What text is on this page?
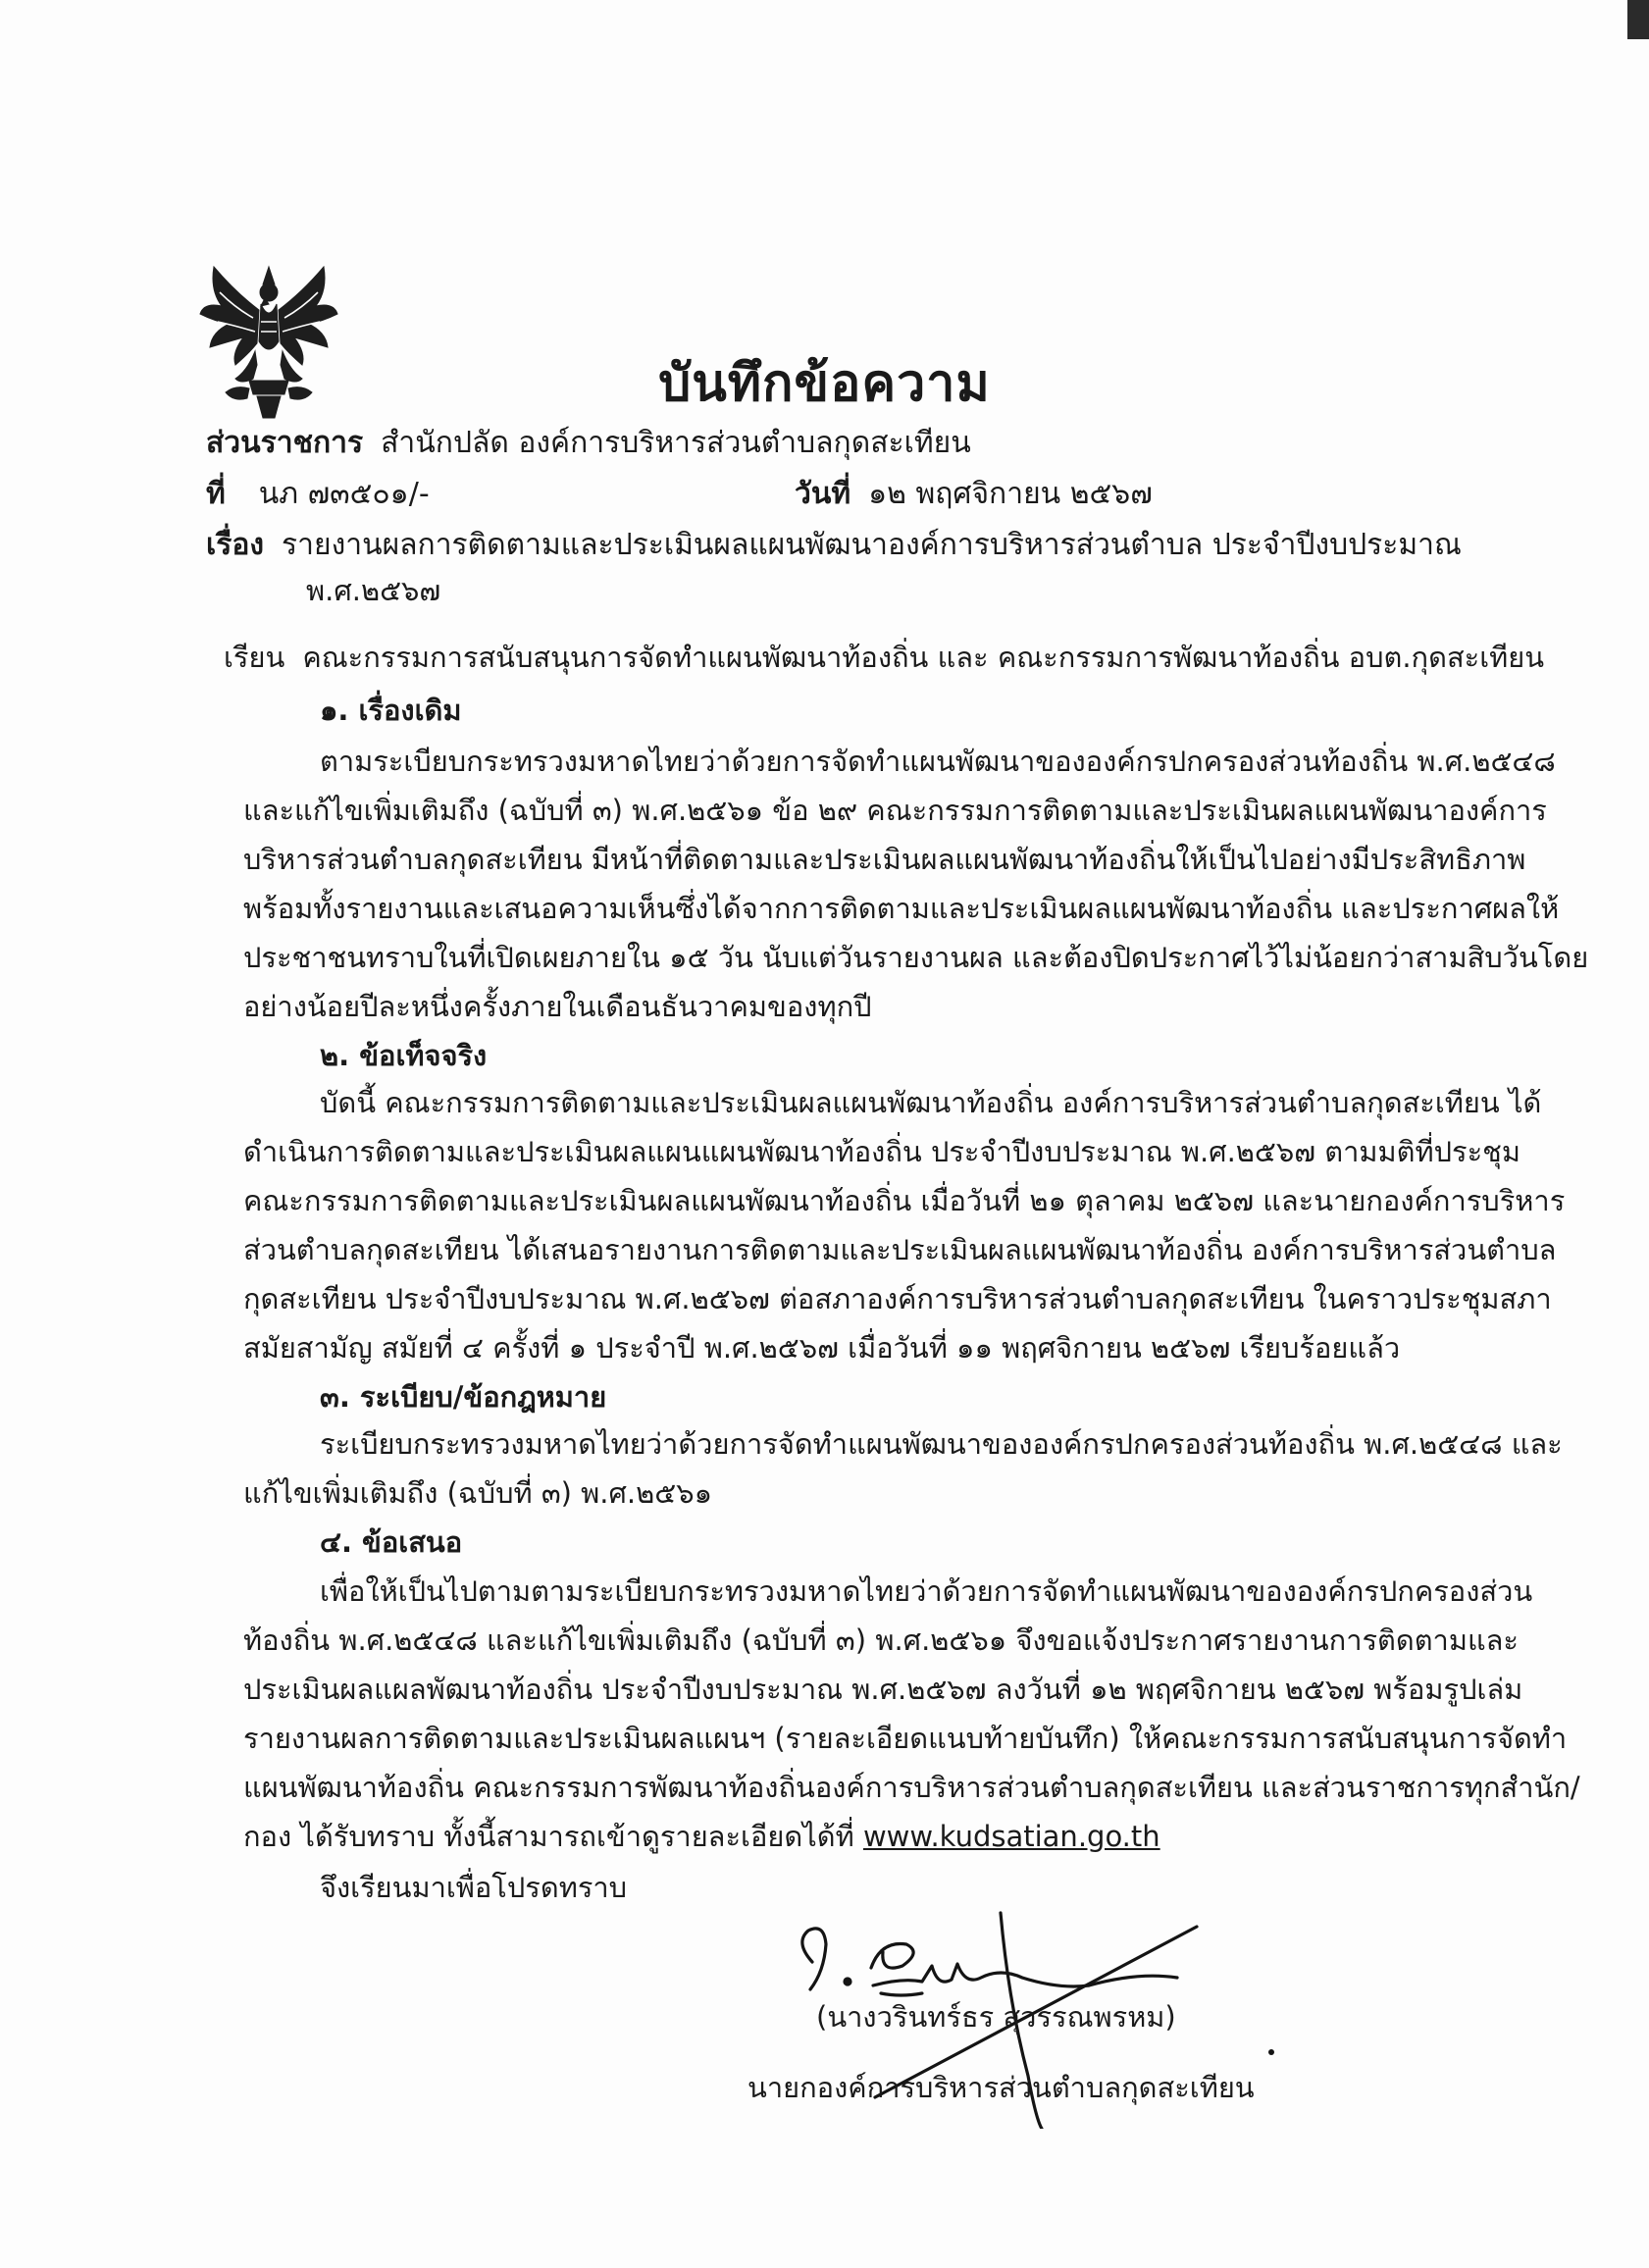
บันทึกข้อความ
ส่วนราชการ สำนักปลัด องค์การบริหารส่วนตำบลกุดสะเทียน
ที่ นภ ๗๓๕๐๑/-	วันที่ ๑๒ พฤศจิกายน ๒๕๖๗
เรื่อง รายงานผลการติดตามและประเมินผลแผนพัฒนาองค์การบริหารส่วนตำบล ประจำปีงบประมาณ
พ.ศ.๒๕๖๗
เรียน คณะกรรมการสนับสนุนการจัดทำแผนพัฒนาท้องถิ่น และ คณะกรรมการพัฒนาท้องถิ่น อบต.กุดสะเทียน
๑. เรื่องเดิม
ตามระเบียบกระทรวงมหาดไทยว่าด้วยการจัดทำแผนพัฒนาขององค์กรปกครองส่วนท้องถิ่น พ.ศ.๒๕๔๘
และแก้ไขเพิ่มเติมถึง (ฉบับที่ ๓) พ.ศ.๒๕๖๑ ข้อ ๒๙ คณะกรรมการติดตามและประเมินผลแผนพัฒนาองค์การ
บริหารส่วนตำบลกุดสะเทียน มีหน้าที่ติดตามและประเมินผลแผนพัฒนาท้องถิ่นให้เป็นไปอย่างมีประสิทธิภาพ
พร้อมทั้งรายงานและเสนอความเห็นซึ่งได้จากการติดตามและประเมินผลแผนพัฒนาท้องถิ่น และประกาศผลให้
ประชาชนทราบในที่เปิดเผยภายใน ๑๕ วัน นับแต่วันรายงานผล และต้องปิดประกาศไว้ไม่น้อยกว่าสามสิบวันโดย
อย่างน้อยปีละหนึ่งครั้งภายในเดือนธันวาคมของทุกปี
๒. ข้อเท็จจริง
บัดนี้ คณะกรรมการติดตามและประเมินผลแผนพัฒนาท้องถิ่น องค์การบริหารส่วนตำบลกุดสะเทียน ได้
ดำเนินการติดตามและประเมินผลแผนแผนพัฒนาท้องถิ่น ประจำปีงบประมาณ พ.ศ.๒๕๖๗ ตามมติที่ประชุม
คณะกรรมการติดตามและประเมินผลแผนพัฒนาท้องถิ่น เมื่อวันที่ ๒๑ ตุลาคม ๒๕๖๗ และนายกองค์การบริหาร
ส่วนตำบลกุดสะเทียน ได้เสนอรายงานการติดตามและประเมินผลแผนพัฒนาท้องถิ่น องค์การบริหารส่วนตำบล
กุดสะเทียน ประจำปีงบประมาณ พ.ศ.๒๕๖๗ ต่อสภาองค์การบริหารส่วนตำบลกุดสะเทียน ในคราวประชุมสภา
สมัยสามัญ สมัยที่ ๔ ครั้งที่ ๑ ประจำปี พ.ศ.๒๕๖๗ เมื่อวันที่ ๑๑ พฤศจิกายน ๒๕๖๗ เรียบร้อยแล้ว
๓. ระเบียบ/ข้อกฎหมาย
ระเบียบกระทรวงมหาดไทยว่าด้วยการจัดทำแผนพัฒนาขององค์กรปกครองส่วนท้องถิ่น พ.ศ.๒๕๔๘ และ
แก้ไขเพิ่มเติมถึง (ฉบับที่ ๓) พ.ศ.๒๕๖๑
๔. ข้อเสนอ
เพื่อให้เป็นไปตามตามระเบียบกระทรวงมหาดไทยว่าด้วยการจัดทำแผนพัฒนาขององค์กรปกครองส่วน
ท้องถิ่น พ.ศ.๒๕๔๘ และแก้ไขเพิ่มเติมถึง (ฉบับที่ ๓) พ.ศ.๒๕๖๑ จึงขอแจ้งประกาศรายงานการติดตามและ
ประเมินผลแผลพัฒนาท้องถิ่น ประจำปีงบประมาณ พ.ศ.๒๕๖๗ ลงวันที่ ๑๒ พฤศจิกายน ๒๕๖๗ พร้อมรูปเล่ม
รายงานผลการติดตามและประเมินผลแผนฯ (รายละเอียดแนบท้ายบันทึก) ให้คณะกรรมการสนับสนุนการจัดทำ
แผนพัฒนาท้องถิ่น คณะกรรมการพัฒนาท้องถิ่นองค์การบริหารส่วนตำบลกุดสะเทียน และส่วนราชการทุกสำนัก/
กอง ได้รับทราบ ทั้งนี้สามารถเข้าดูรายละเอียดได้ที่ www.kudsatian.go.th
จึงเรียนมาเพื่อโปรดทราบ
(นางวรินทร์ธร สุวรรณพรหม)
นายกองค์การบริหารส่วนตำบลกุดสะเทียน
